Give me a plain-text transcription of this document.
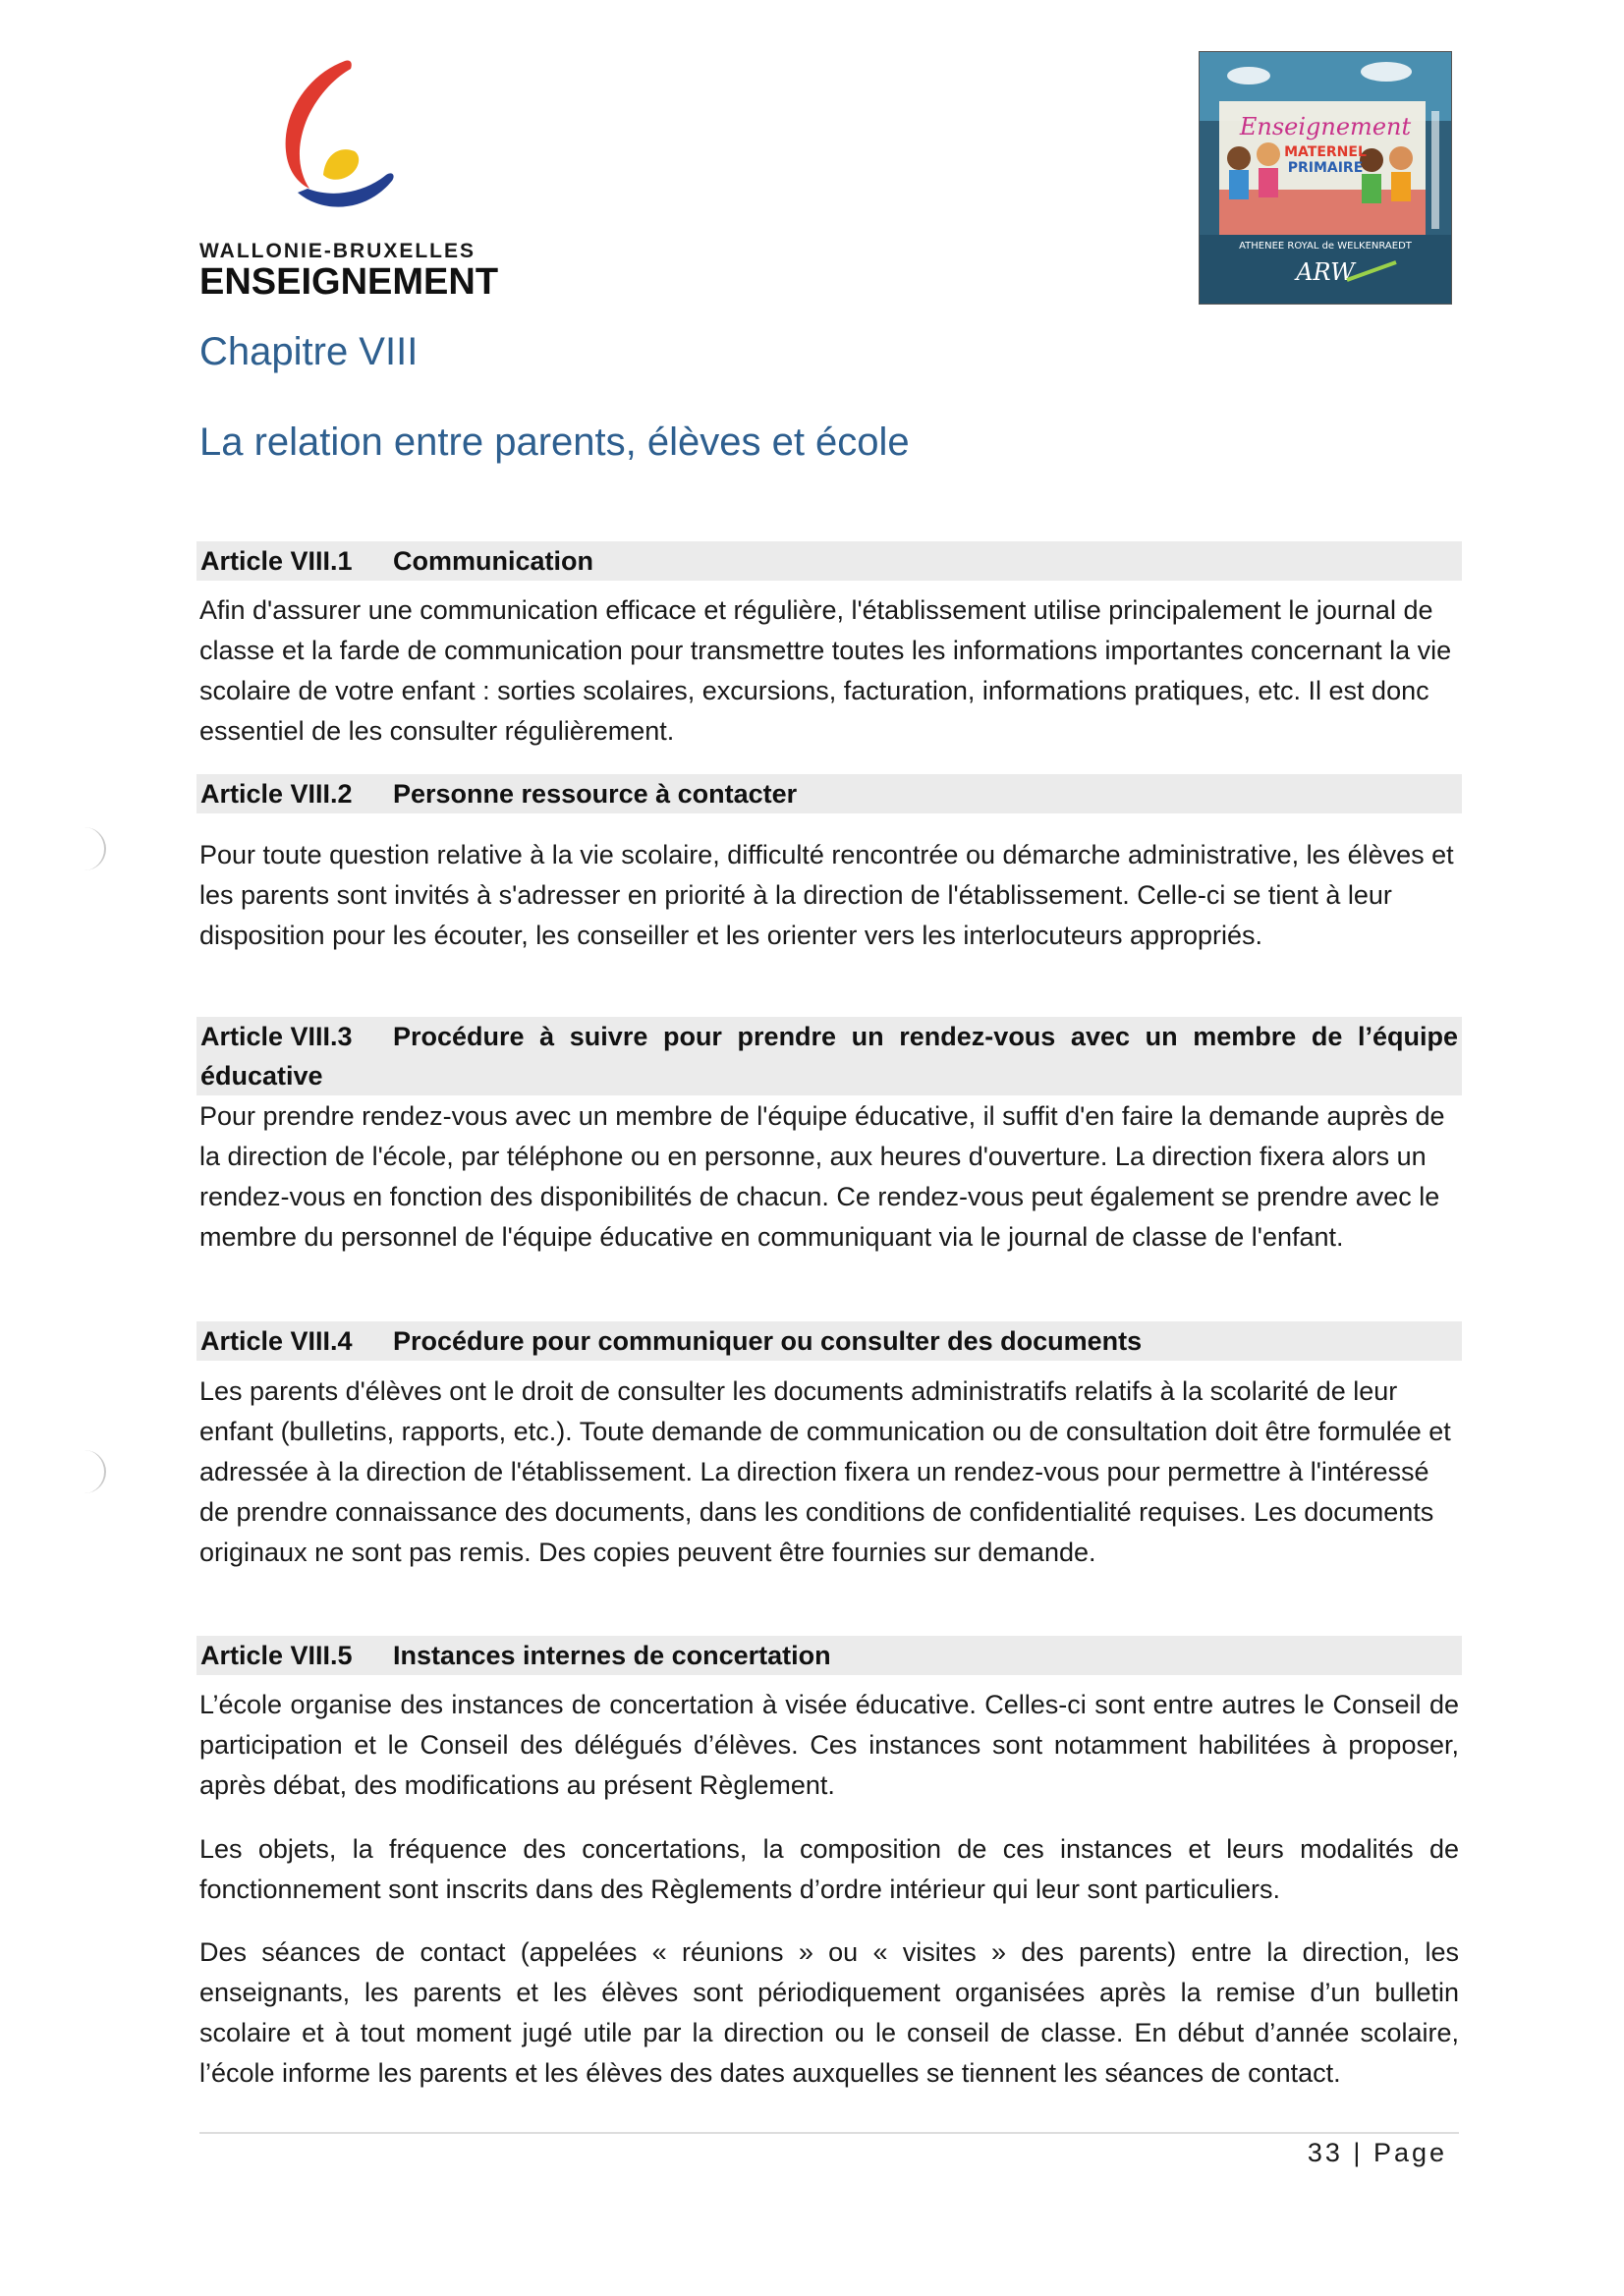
WALLONIE-BRUXELLES
ENSEIGNEMENT
Enseignement
MATERNEL
PRIMAIRE
ATHENEE ROYAL de WELKENRAEDT
ARW
Chapitre VIII
La relation entre parents, élèves et école
Article VIII.1 Communication
Afin d'assurer une communication efficace et régulière, l'établissement utilise principalement le journal de classe et la farde de communication pour transmettre toutes les informations importantes concernant la vie scolaire de votre enfant : sorties scolaires, excursions, facturation, informations pratiques, etc. Il est donc essentiel de les consulter régulièrement.
Article VIII.2 Personne ressource à contacter
Pour toute question relative à la vie scolaire, difficulté rencontrée ou démarche administrative, les élèves et les parents sont invités à s'adresser en priorité à la direction de l'établissement. Celle-ci se tient à leur disposition pour les écouter, les conseiller et les orienter vers les interlocuteurs appropriés.
Article VIII.3 Procédure à suivre pour prendre un rendez-vous avec un membre de l’équipe éducative
Pour prendre rendez-vous avec un membre de l'équipe éducative, il suffit d'en faire la demande auprès de la direction de l'école, par téléphone ou en personne, aux heures d'ouverture. La direction fixera alors un rendez-vous en fonction des disponibilités de chacun. Ce rendez-vous peut également se prendre avec le membre du personnel de l'équipe éducative en communiquant via le journal de classe de l'enfant.
Article VIII.4 Procédure pour communiquer ou consulter des documents
Les parents d'élèves ont le droit de consulter les documents administratifs relatifs à la scolarité de leur enfant (bulletins, rapports, etc.). Toute demande de communication ou de consultation doit être formulée et adressée à la direction de l'établissement. La direction fixera un rendez-vous pour permettre à l'intéressé de prendre connaissance des documents, dans les conditions de confidentialité requises. Les documents originaux ne sont pas remis. Des copies peuvent être fournies sur demande.
Article VIII.5 Instances internes de concertation
L’école organise des instances de concertation à visée éducative. Celles-ci sont entre autres le Conseil de participation et le Conseil des délégués d’élèves. Ces instances sont notamment habilitées à proposer, après débat, des modifications au présent Règlement.
Les objets, la fréquence des concertations, la composition de ces instances et leurs modalités de fonctionnement sont inscrits dans des Règlements d’ordre intérieur qui leur sont particuliers.
Des séances de contact (appelées « réunions » ou « visites » des parents) entre la direction, les enseignants, les parents et les élèves sont périodiquement organisées après la remise d’un bulletin scolaire et à tout moment jugé utile par la direction ou le conseil de classe. En début d’année scolaire, l’école informe les parents et les élèves des dates auxquelles se tiennent les séances de contact.
33 | Page
